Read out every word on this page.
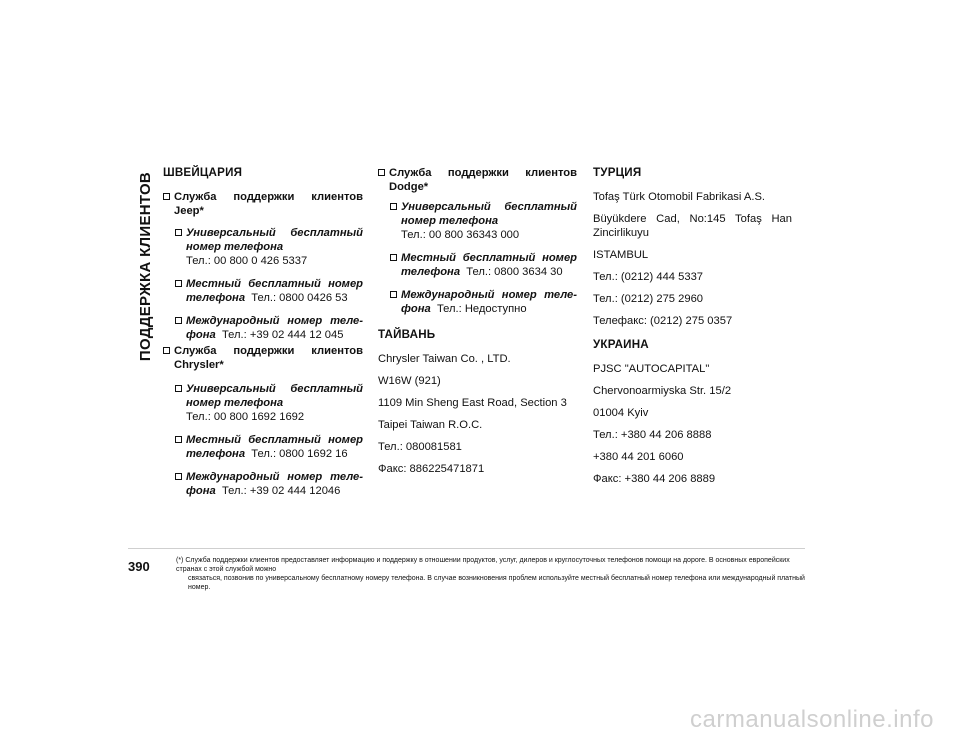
ПОДДЕРЖКА КЛИЕНТОВ ШВЕЙЦАРИЯ
Служба поддержки клиентов Jeep*
Универсальный бесплатный номер телефона
Тел.: 00 800 0 426 5337
Местный бесплатный номер телефона Тел.: 0800 0426 53
Международный номер теле-фона Тел.: +39 02 444 12 045
Служба поддержки клиентов Chrysler*
Универсальный бесплатный номер телефона
Тел.: 00 800 1692 1692
Местный бесплатный номер телефона Тел.: 0800 1692 16
Международный номер теле-фона Тел.: +39 02 444 12046
Служба поддержки клиентов Dodge*
Универсальный бесплатный номер телефона
Тел.: 00 800 36343 000
Местный бесплатный номер телефона Тел.: 0800 3634 30
Международный номер теле-фона Тел.: Недоступно
ТАЙВАНЬ
Chrysler Taiwan Co. , LTD.
W16W (921)
1109 Min Sheng East Road, Section 3
Taipei Taiwan R.O.C.
Тел.: 080081581
Факс: 886225471871
ТУРЦИЯ
Tofaş Türk Otomobil Fabrikasi A.S.
Büyükdere Cad, No:145 Tofaş Han Zincirlikuyu
ISTAMBUL
Тел.: (0212) 444 5337
Тел.: (0212) 275 2960
Телефакс: (0212) 275 0357
УКРАИНА
PJSC "AUTOCAPITAL"
Chervonoarmiyska Str. 15/2
01004 Kyiv
Тел.: +380 44 206 8888
+380 44 201 6060
Факс: +380 44 206 8889
390	(*) Служба поддержки клиентов предоставляет информацию и поддержку в отношении продуктов, услуг, дилеров и круглосуточных телефонов помощи на дороге. В основных европейских странах с этой службой можно
связаться, позвонив по универсальному бесплатному номеру телефона. В случае возникновения проблем используйте местный бесплатный номер телефона или международный платный номер.
carmanualsonline.info
